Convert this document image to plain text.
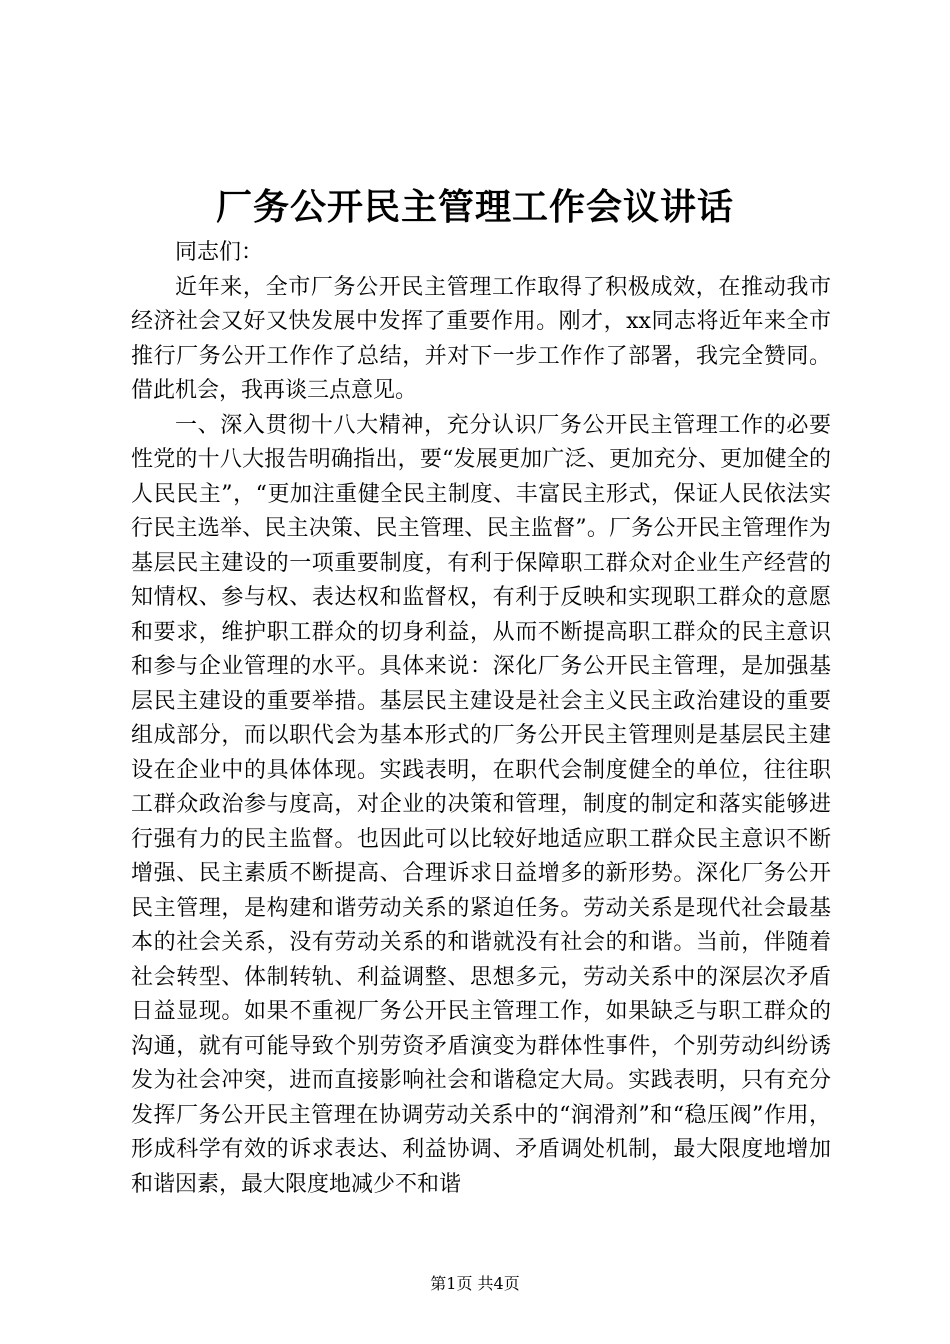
厂务公开民主管理工作会议讲话

同志们：

近年来，全市厂务公开民主管理工作取得了积极成效，在推动我市经济社会又好又快发展中发挥了重要作用。刚才，xx同志将近年来全市推行厂务公开工作作了总结，并对下一步工作作了部署，我完全赞同。借此机会，我再谈三点意见。

一、深入贯彻十八大精神，充分认识厂务公开民主管理工作的必要性党的十八大报告明确指出，要“发展更加广泛、更加充分、更加健全的人民民主”，“更加注重健全民主制度、丰富民主形式，保证人民依法实行民主选举、民主决策、民主管理、民主监督”。厂务公开民主管理作为基层民主建设的一项重要制度，有利于保障职工群众对企业生产经营的知情权、参与权、表达权和监督权，有利于反映和实现职工群众的意愿和要求，维护职工群众的切身利益，从而不断提高职工群众的民主意识和参与企业管理的水平。具体来说：深化厂务公开民主管理，是加强基层民主建设的重要举措。基层民主建设是社会主义民主政治建设的重要组成部分，而以职代会为基本形式的厂务公开民主管理则是基层民主建设在企业中的具体体现。实践表明，在职代会制度健全的单位，往往职工群众政治参与度高，对企业的决策和管理，制度的制定和落实能够进行强有力的民主监督。也因此可以比较好地适应职工群众民主意识不断增强、民主素质不断提高、合理诉求日益增多的新形势。深化厂务公开民主管理，是构建和谐劳动关系的紧迫任务。劳动关系是现代社会最基本的社会关系，没有劳动关系的和谐就没有社会的和谐。当前，伴随着社会转型、体制转轨、利益调整、思想多元，劳动关系中的深层次矛盾日益显现。如果不重视厂务公开民主管理工作，如果缺乏与职工群众的沟通，就有可能导致个别劳资矛盾演变为群体性事件，个别劳动纠纷诱发为社会冲突，进而直接影响社会和谐稳定大局。实践表明，只有充分发挥厂务公开民主管理在协调劳动关系中的“润滑剂”和“稳压阀”作用，形成科学有效的诉求表达、利益协调、矛盾调处机制，最大限度地增加和谐因素，最大限度地减少不和谐

第1页 共4页
